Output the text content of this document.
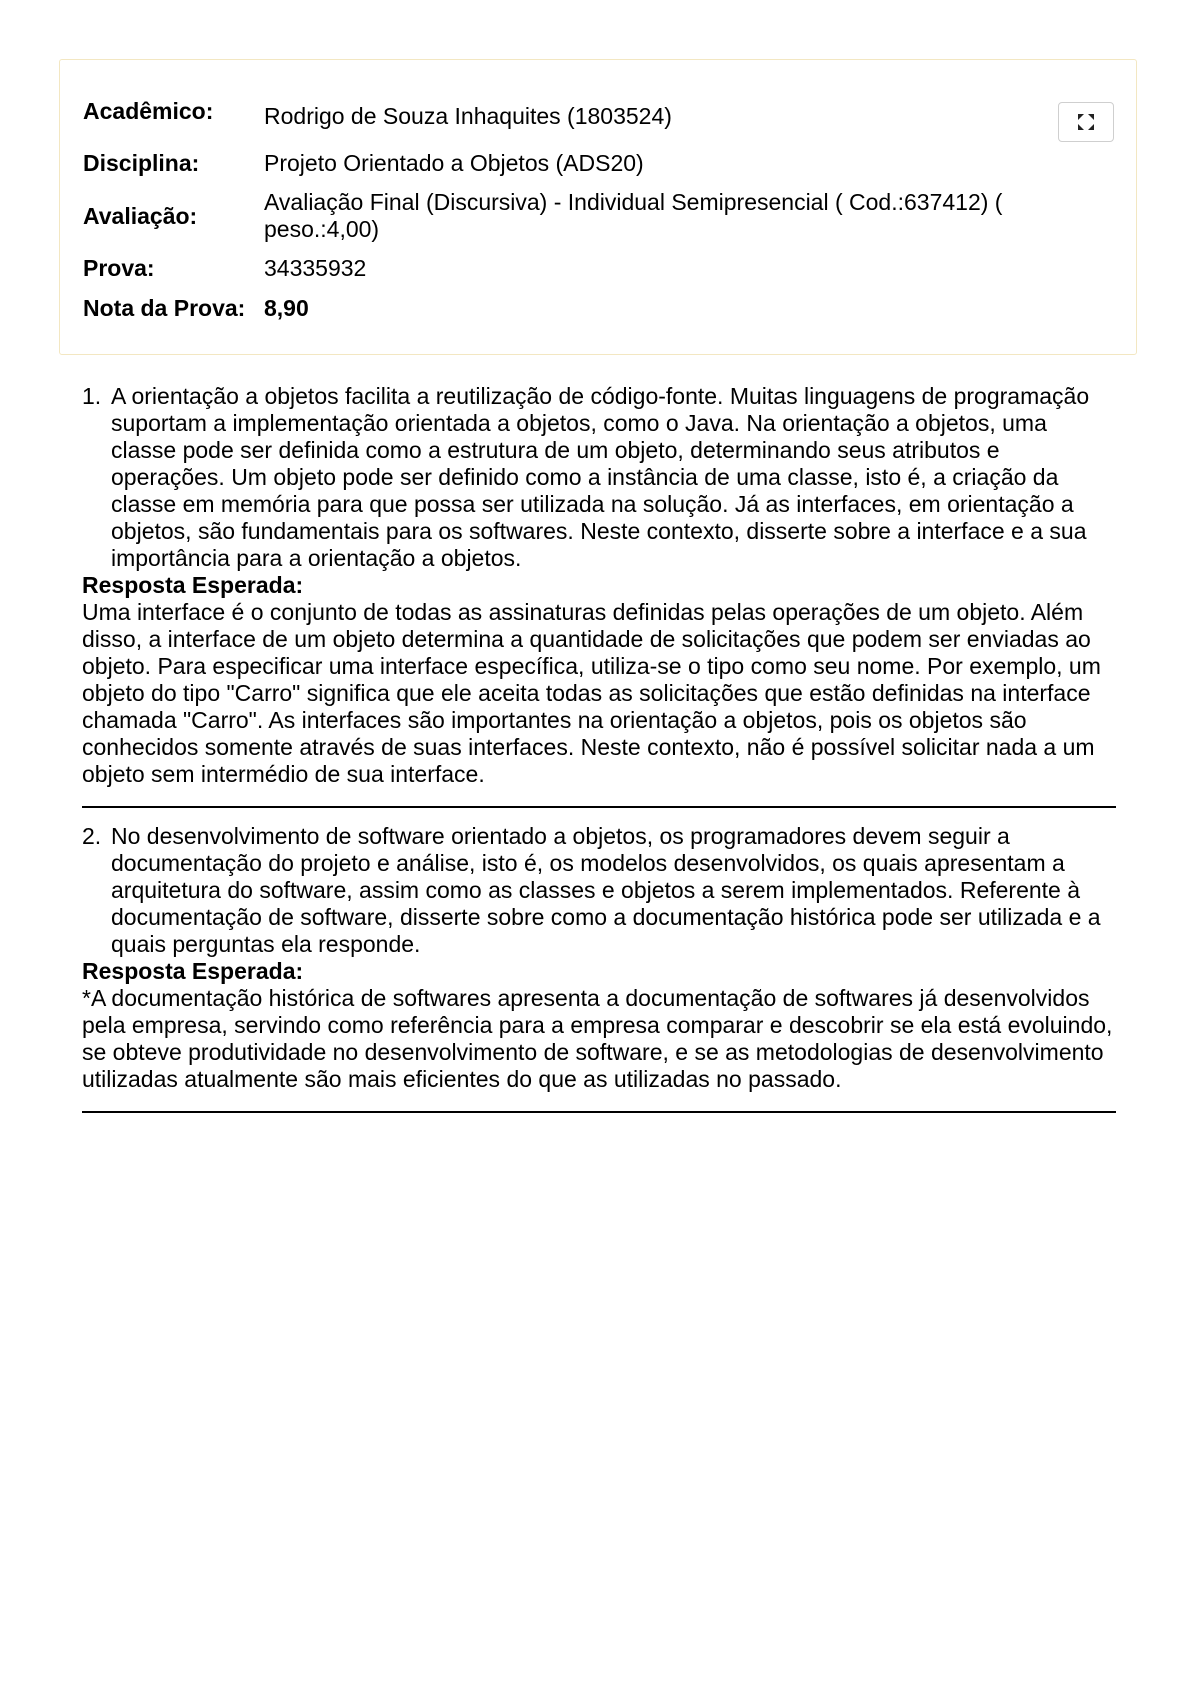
Acadêmico:	Rodrigo de Souza Inhaquites (1803524)
Disciplina:	Projeto Orientado a Objetos (ADS20)
Avaliação:	Avaliação Final (Discursiva) - Individual Semipresencial ( Cod.:637412) ( peso.:4,00)
Prova:	34335932
Nota da Prova:	8,90
1. A orientação a objetos facilita a reutilização de código-fonte. Muitas linguagens de programação suportam a implementação orientada a objetos, como o Java. Na orientação a objetos, uma classe pode ser definida como a estrutura de um objeto, determinando seus atributos e operações. Um objeto pode ser definido como a instância de uma classe, isto é, a criação da classe em memória para que possa ser utilizada na solução. Já as interfaces, em orientação a objetos, são fundamentais para os softwares. Neste contexto, disserte sobre a interface e a sua importância para a orientação a objetos.
Resposta Esperada:
Uma interface é o conjunto de todas as assinaturas definidas pelas operações de um objeto. Além disso, a interface de um objeto determina a quantidade de solicitações que podem ser enviadas ao objeto. Para especificar uma interface específica, utiliza-se o tipo como seu nome. Por exemplo, um objeto do tipo "Carro" significa que ele aceita todas as solicitações que estão definidas na interface chamada "Carro". As interfaces são importantes na orientação a objetos, pois os objetos são conhecidos somente através de suas interfaces. Neste contexto, não é possível solicitar nada a um objeto sem intermédio de sua interface.
2. No desenvolvimento de software orientado a objetos, os programadores devem seguir a documentação do projeto e análise, isto é, os modelos desenvolvidos, os quais apresentam a arquitetura do software, assim como as classes e objetos a serem implementados. Referente à documentação de software, disserte sobre como a documentação histórica pode ser utilizada e a quais perguntas ela responde.
Resposta Esperada:
*A documentação histórica de softwares apresenta a documentação de softwares já desenvolvidos pela empresa, servindo como referência para a empresa comparar e descobrir se ela está evoluindo, se obteve produtividade no desenvolvimento de software, e se as metodologias de desenvolvimento utilizadas atualmente são mais eficientes do que as utilizadas no passado.
